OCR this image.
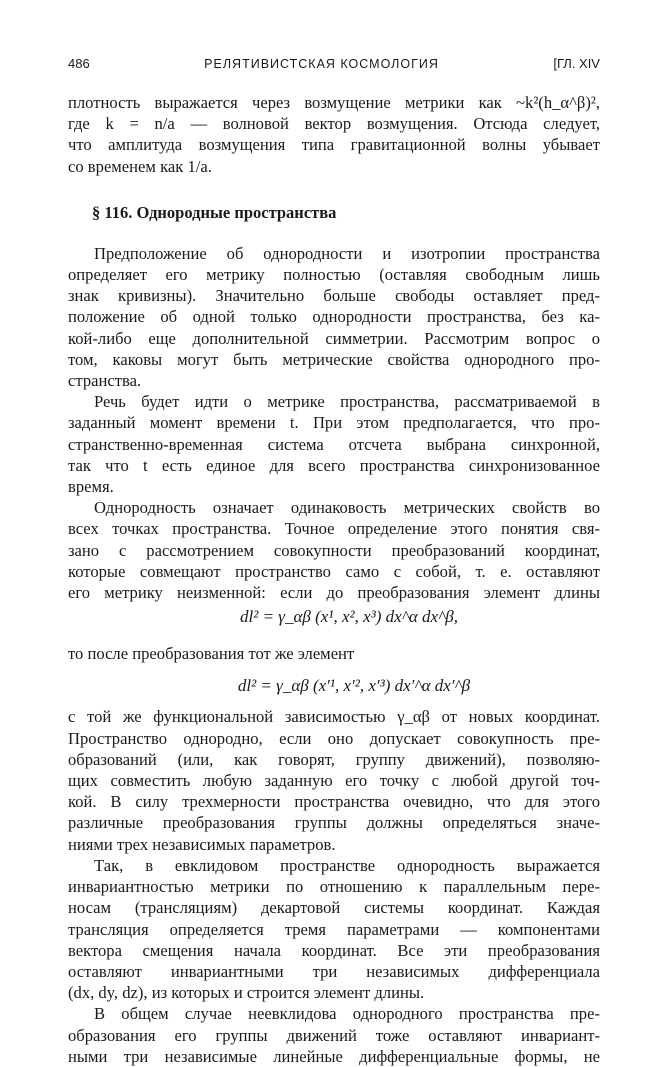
486	РЕЛЯТИВИСТСКАЯ КОСМОЛОГИЯ	[ГЛ. XIV
плотность выражается через возмущение метрики как ~k²(h_α^β)²,
где k = n/a — волновой вектор возмущения. Отсюда следует,
что амплитуда возмущения типа гравитационной волны убывает
со временем как 1/a.
§ 116. Однородные пространства
Предположение об однородности и изотропии пространства
определяет его метрику полностью (оставляя свободным лишь
знак кривизны). Значительно больше свободы оставляет пред-
положение об одной только однородности пространства, без ка-
кой-либо еще дополнительной симметрии. Рассмотрим вопрос о
том, каковы могут быть метрические свойства однородного про-
странства.
Речь будет идти о метрике пространства, рассматриваемой в
заданный момент времени t. При этом предполагается, что про-
странственно-временная система отсчета выбрана синхронной,
так что t есть единое для всего пространства синхронизованное
время.
Однородность означает одинаковость метрических свойств во
всех точках пространства. Точное определение этого понятия свя-
зано с рассмотрением совокупности преобразований координат,
которые совмещают пространство само с собой, т. е. оставляют
его метрику неизменной: если до преобразования элемент длины
dl² = γ_αβ (x¹, x², x³) dx^α dx^β,
то после преобразования тот же элемент
dl² = γ_αβ (x′¹, x′², x′³) dx′^α dx′^β
с той же функциональной зависимостью γ_αβ от новых координат.
Пространство однородно, если оно допускает совокупность пре-
образований (или, как говорят, группу движений), позволяю-
щих совместить любую заданную его точку с любой другой точ-
кой. В силу трехмерности пространства очевидно, что для этого
различные преобразования группы должны определяться значе-
ниями трех независимых параметров.
Так, в евклидовом пространстве однородность выражается
инвариантностью метрики по отношению к параллельным пере-
носам (трансляциям) декартовой системы координат. Каждая
трансляция определяется тремя параметрами — компонентами
вектора смещения начала координат. Все эти преобразования
оставляют инвариантными три независимых дифференциала
(dx, dy, dz), из которых и строится элемент длины.
В общем случае неевклидова однородного пространства пре-
образования его группы движений тоже оставляют инвариант-
ными три независимые линейные дифференциальные формы, не
